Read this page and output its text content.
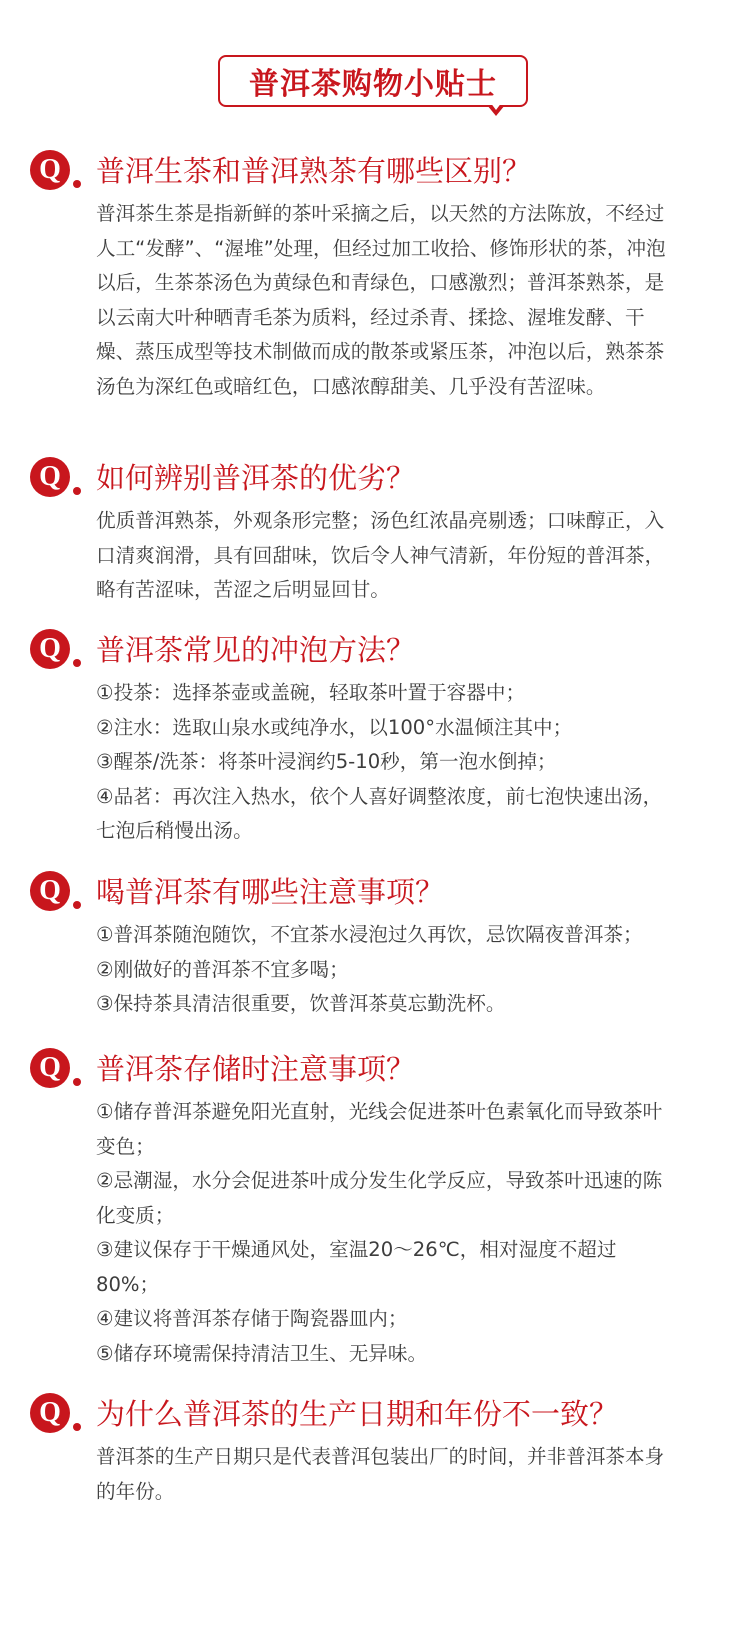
普洱茶购物小贴士
Q	普洱生茶和普洱熟茶有哪些区别？

普洱茶生茶是指新鲜的茶叶采摘之后，以天然的方法陈放，不经过人工“发酵”、“渥堆”处理，但经过加工收拾、修饰形状的茶，冲泡以后，生茶茶汤色为黄绿色和青绿色，口感激烈；普洱茶熟茶，是以云南大叶种晒青毛茶为质料，经过杀青、揉捻、渥堆发酵、干燥、蒸压成型等技术制做而成的散茶或紧压茶，冲泡以后，熟茶茶汤色为深红色或暗红色，口感浓醇甜美、几乎没有苦涩味。

Q	如何辨别普洱茶的优劣？

优质普洱熟茶，外观条形完整；汤色红浓晶亮剔透；口味醇正，入口清爽润滑，具有回甜味，饮后令人神气清新，年份短的普洱茶，略有苦涩味，苦涩之后明显回甘。

Q	普洱茶常见的冲泡方法？

①投茶：选择茶壶或盖碗，轻取茶叶置于容器中；

②注水：选取山泉水或纯净水，以100°水温倾注其中；

③醒茶/洗茶：将茶叶浸润约5-10秒，第一泡水倒掉；

④品茗：再次注入热水，依个人喜好调整浓度，前七泡快速出汤，七泡后稍慢出汤。

Q	喝普洱茶有哪些注意事项？

①普洱茶随泡随饮，不宜茶水浸泡过久再饮，忌饮隔夜普洱茶；

②刚做好的普洱茶不宜多喝；

③保持茶具清洁很重要，饮普洱茶莫忘勤洗杯。

Q	普洱茶存储时注意事项？

①储存普洱茶避免阳光直射，光线会促进茶叶色素氧化而导致茶叶变色；

②忌潮湿，水分会促进茶叶成分发生化学反应，导致茶叶迅速的陈化变质；

③建议保存于干燥通风处，室温20～26℃，相对湿度不超过80%；

④建议将普洱茶存储于陶瓷器皿内；

⑤储存环境需保持清洁卫生、无异味。

Q	为什么普洱茶的生产日期和年份不一致？

普洱茶的生产日期只是代表普洱包装出厂的时间，并非普洱茶本身的年份。
